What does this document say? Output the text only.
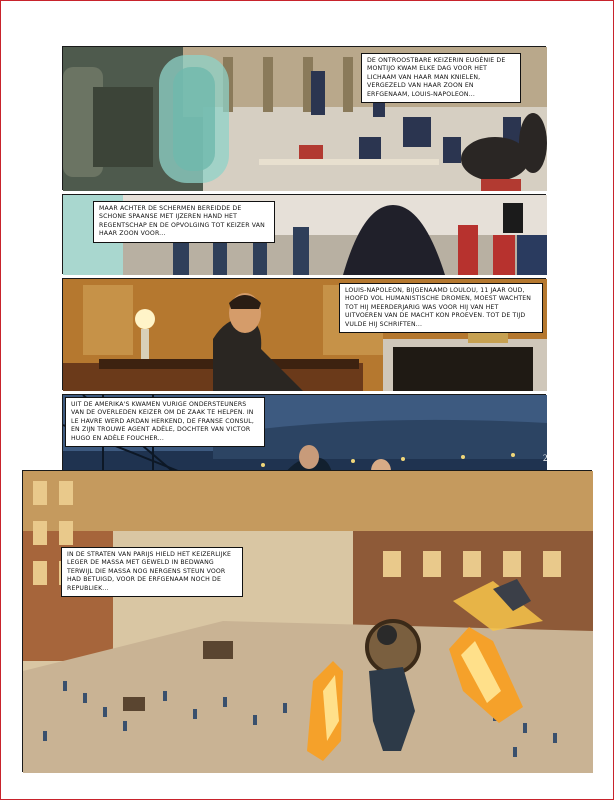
DE ONTROOSTBARE KEIZERIN EUGÉNIE DE MONTIJO KWAM ELKE DAG VOOR HET LICHAAM VAN HAAR MAN KNIELEN, VERGEZELD VAN HAAR ZOON EN ERFGENAAM, LOUIS-NAPOLEON...
MAAR ACHTER DE SCHERMEN BEREIDDE DE SCHONE SPAANSE MET IJZEREN HAND HET REGENTSCHAP EN DE OPVOLGING TOT KEIZER VAN HAAR ZOON VOOR...
LOUIS-NAPOLEON, BIJGENAAMD LOULOU, 11 JAAR OUD, HOOFD VOL HUMANISTISCHE DROMEN, MOEST WACHTEN TOT HIJ MEERDERJARIG WAS VOOR HIJ VAN HET UITVOEREN VAN DE MACHT KON PROEVEN. TOT DE TIJD VULDE HIJ SCHRIFTEN...
UIT DE AMERIKA'S KWAMEN VURIGE ONDERSTEUNERS VAN DE OVERLEDEN KEIZER OM DE ZAAK TE HELPEN. IN LE HAVRE WERD ARDAN HERKEND, DE FRANSE CONSUL, EN ZIJN TROUWE AGENT ADÈLE, DOCHTER VAN VICTOR HUGO EN ADÈLE FOUCHER...
2
IN DE STRATEN VAN PARIJS HIELD HET KEIZERLIJKE LEGER DE MASSA MET GEWELD IN BEDWANG TERWIJL DIE MASSA NOG NERGENS STEUN VOOR HAD BETUIGD, VOOR DE ERFGENAAM NOCH DE REPUBLIEK...
